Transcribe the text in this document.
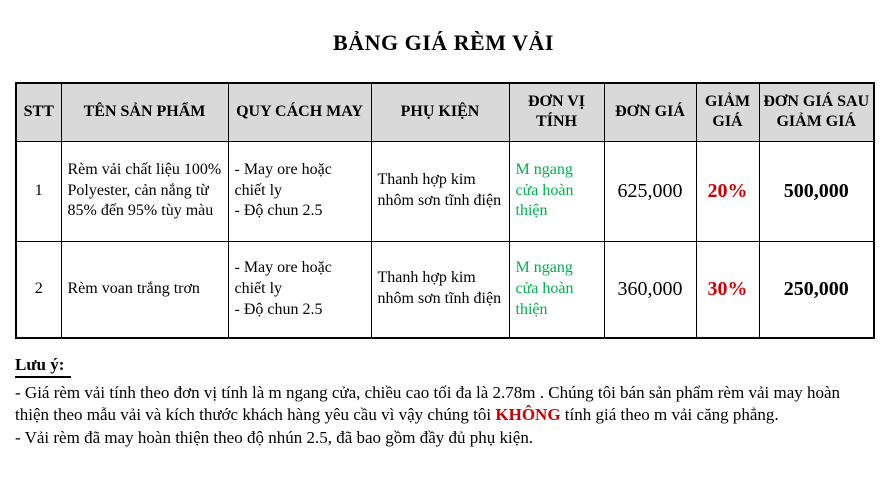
BẢNG GIÁ RÈM VẢI
STT	TÊN SẢN PHẨM	QUY CÁCH MAY	PHỤ KIỆN	ĐƠN VỊ TÍNH	ĐƠN GIÁ	GIẢM GIÁ	ĐƠN GIÁ SAU GIẢM GIÁ
1	Rèm vải chất liệu 100% Polyester, cản nắng từ 85% đến 95% tùy màu	- May ore hoặc chiết ly
- Độ chun 2.5	Thanh hợp kim nhôm sơn tĩnh điện	M ngang cửa hoàn thiện	625,000	20%	500,000
2	Rèm voan trắng trơn	- May ore hoặc chiết ly
- Độ chun 2.5	Thanh hợp kim nhôm sơn tĩnh điện	M ngang cửa hoàn thiện	360,000	30%	250,000
Lưu ý:

- Giá rèm vải tính theo đơn vị tính là m ngang cửa, chiều cao tối đa là 2.78m . Chúng tôi bán sản phẩm rèm vải may hoàn thiện theo mẫu vải và kích thước khách hàng yêu cầu vì vậy chúng tôi KHÔNG tính giá theo m vải căng phẳng.

- Vải rèm đã may hoàn thiện theo độ nhún 2.5, đã bao gồm đầy đủ phụ kiện.
